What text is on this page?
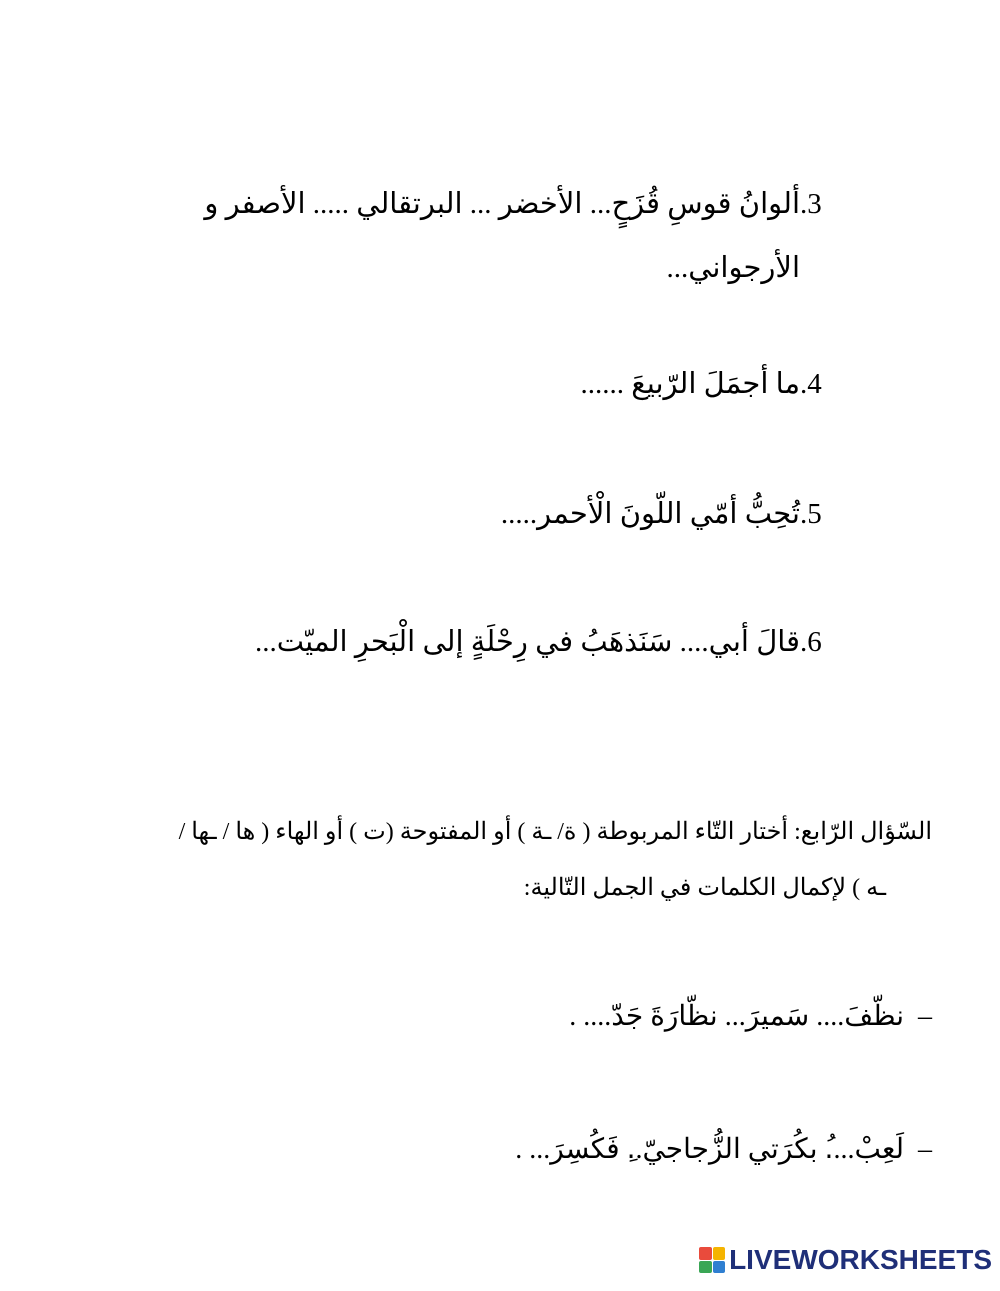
.3
ألوانُ قوسِ قُزَحٍ... الأخضر ... البرتقالي ..... الأصفر و الأرجواني...
.4
ما أجمَلَ الرّبيعَ ......
.5
تُحِبُّ أمّي اللّونَ الْأحمر.....
.6
قالَ أبي.... سَنَذهَبُ في رِحْلَةٍ إلى الْبَحرِ الميّت...
السّؤال الرّابع: أختار التّاء المربوطة ( ة/ ـة ) أو المفتوحة (ت ) أو الهاء ( ها / ـها /
ـه ) لإكمال الكلمات في الجمل التّالية:
–نظّفَ.... سَميرَ... نظّارَةَ جَدّ.... .
–لَعِبْ....ُ بكُرَتي الزُّجاجيّ..ِ فَكُسِرَ... .
LIVEWORKSHEETS
